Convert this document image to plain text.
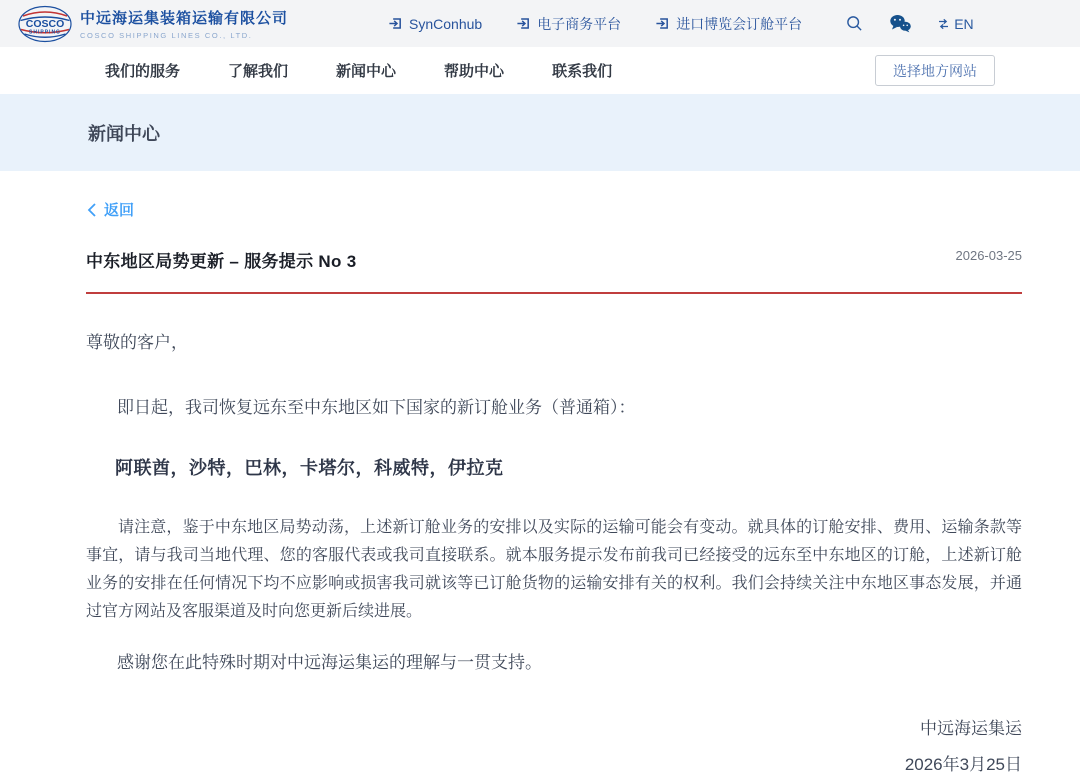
COSCO
SHIPPING
中远海运集装箱运输有限公司
COSCO SHIPPING LINES CO., LTD.
SynConhub	电子商务平台	进口博览会订舱平台	EN
我们的服务	了解我们	新闻中心	帮助中心	联系我们	选择地方网站
新闻中心
返回
中东地区局势更新 – 服务提示 No 3	2026-03-25

尊敬的客户，

即日起，我司恢复远东至中东地区如下国家的新订舱业务（普通箱）：

阿联酋，沙特，巴林，卡塔尔，科威特，伊拉克

请注意，鉴于中东地区局势动荡，上述新订舱业务的安排以及实际的运输可能会有变动。就具体的订舱安排、费用、运输条款等事宜，请与我司当地代理、您的客服代表或我司直接联系。就本服务提示发布前我司已经接受的远东至中东地区的订舱，上述新订舱业务的安排在任何情况下均不应影响或损害我司就该等已订舱货物的运输安排有关的权利。我们会持续关注中东地区事态发展，并通过官方网站及客服渠道及时向您更新后续进展。

感谢您在此特殊时期对中远海运集运的理解与一贯支持。

中远海运集运
2026年3月25日
